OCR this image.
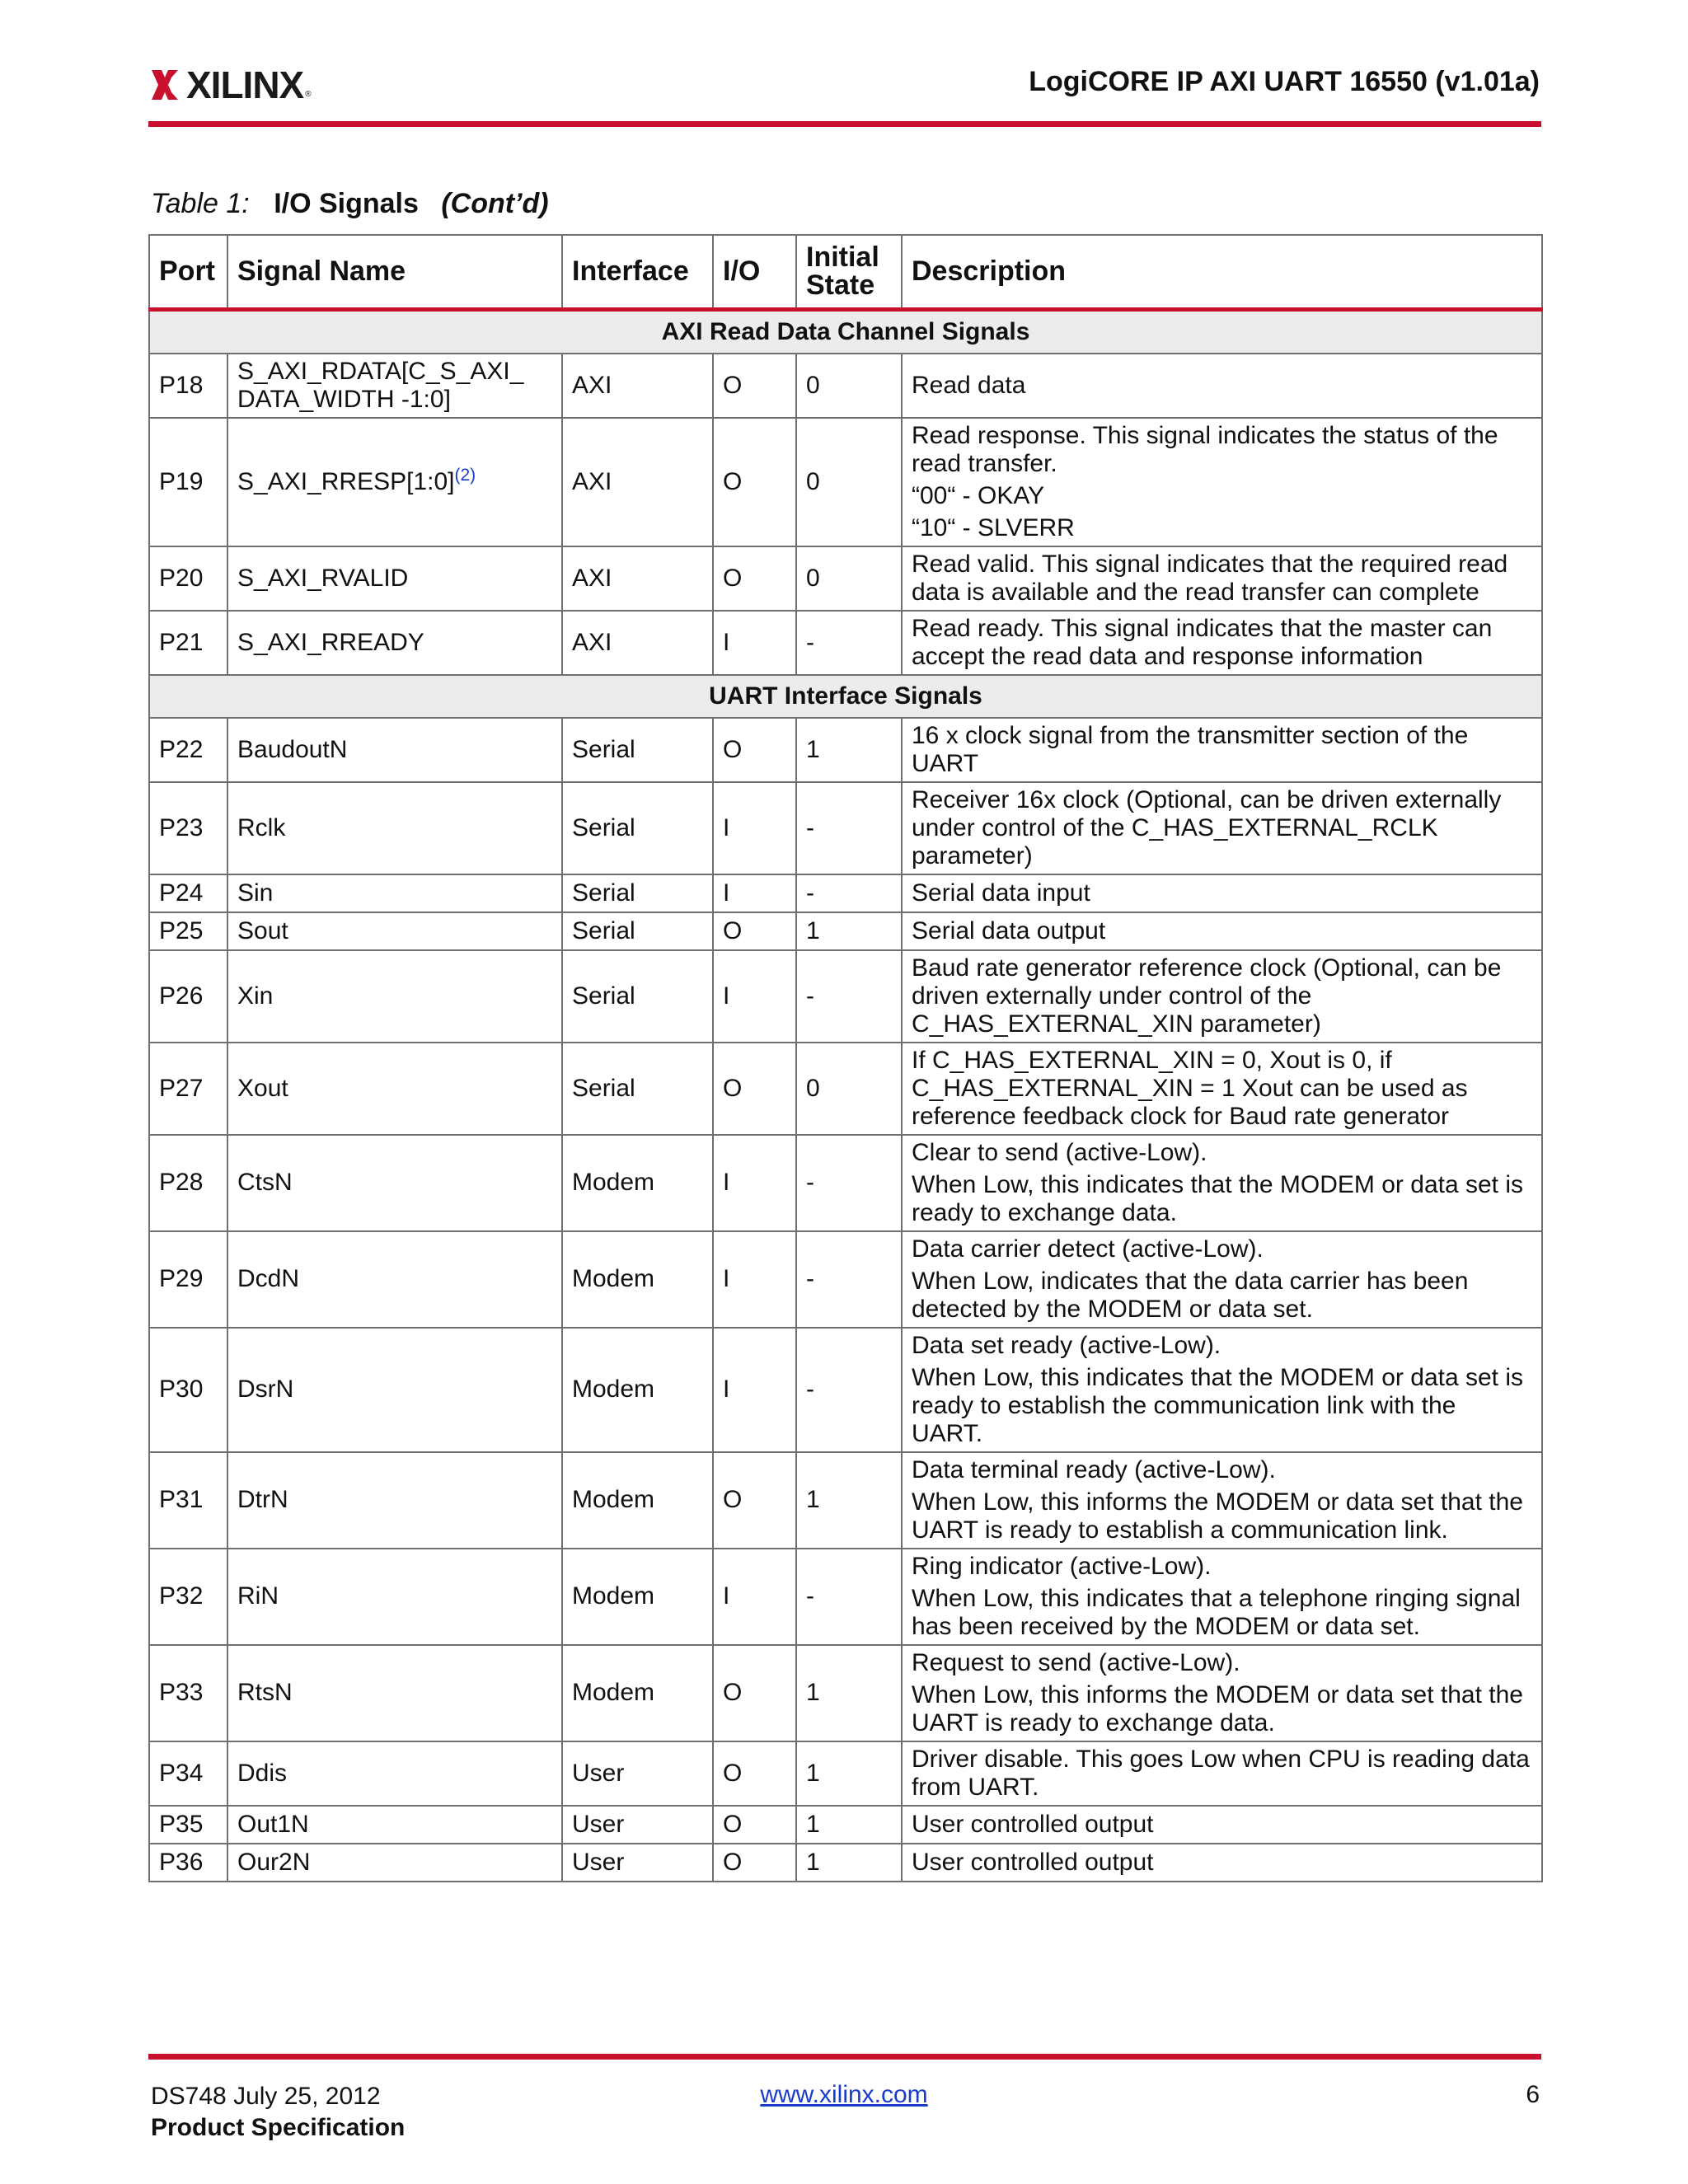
XILINX ®	LogiCORE IP AXI UART 16550 (v1.01a)
Table 1: I/O Signals (Cont’d)
Port	Signal Name	Interface	I/O	Initial State	Description
AXI Read Data Channel Signals					
P18	S_AXI_RDATA[C_S_AXI_ DATA_WIDTH -1:0]	AXI	O	0	Read data

P19	S_AXI_RRESP[1:0]$^{(2)}$	AXI	O	0	Read response. This signal indicates the status of the read transfer.
“00“ - OKAY
“10“ - SLVERR

P20	S_AXI_RVALID	AXI	O	0	Read valid. This signal indicates that the required read data is available and the read transfer can complete

P21	S_AXI_RREADY	AXI	I	-	Read ready. This signal indicates that the master can accept the read data and response information

UART Interface Signals					
P22	BaudoutN	Serial	O	1	16 x clock signal from the transmitter section of the UART

P23	Rclk	Serial	I	-	Receiver 16x clock (Optional, can be driven externally under control of the C_HAS_EXTERNAL_RCLK parameter)

P24	Sin	Serial	I	-	Serial data input

P25	Sout	Serial	O	1	Serial data output

P26	Xin	Serial	I	-	Baud rate generator reference clock (Optional, can be driven externally under control of the C_HAS_EXTERNAL_XIN parameter)

P27	Xout	Serial	O	0	If C_HAS_EXTERNAL_XIN = 0, Xout is 0, if C_HAS_EXTERNAL_XIN = 1 Xout can be used as reference feedback clock for Baud rate generator

P28	CtsN	Modem	I	-	Clear to send (active-Low).
When Low, this indicates that the MODEM or data set is ready to exchange data.

P29	DcdN	Modem	I	-	Data carrier detect (active-Low).
When Low, indicates that the data carrier has been detected by the MODEM or data set.

P30	DsrN	Modem	I	-	Data set ready (active-Low).
When Low, this indicates that the MODEM or data set is ready to establish the communication link with the UART.

P31	DtrN	Modem	O	1	Data terminal ready (active-Low).
When Low, this informs the MODEM or data set that the UART is ready to establish a communication link.

P32	RiN	Modem	I	-	Ring indicator (active-Low).
When Low, this indicates that a telephone ringing signal has been received by the MODEM or data set.

P33	RtsN	Modem	O	1	Request to send (active-Low).
When Low, this informs the MODEM or data set that the UART is ready to exchange data.

P34	Ddis	User	O	1	Driver disable. This goes Low when CPU is reading data from UART.

P35	Out1N	User	O	1	User controlled output

P36	Our2N	User	O	1	User controlled output
DS748 July 25, 2012
Product Specification
www.xilinx.com	6
